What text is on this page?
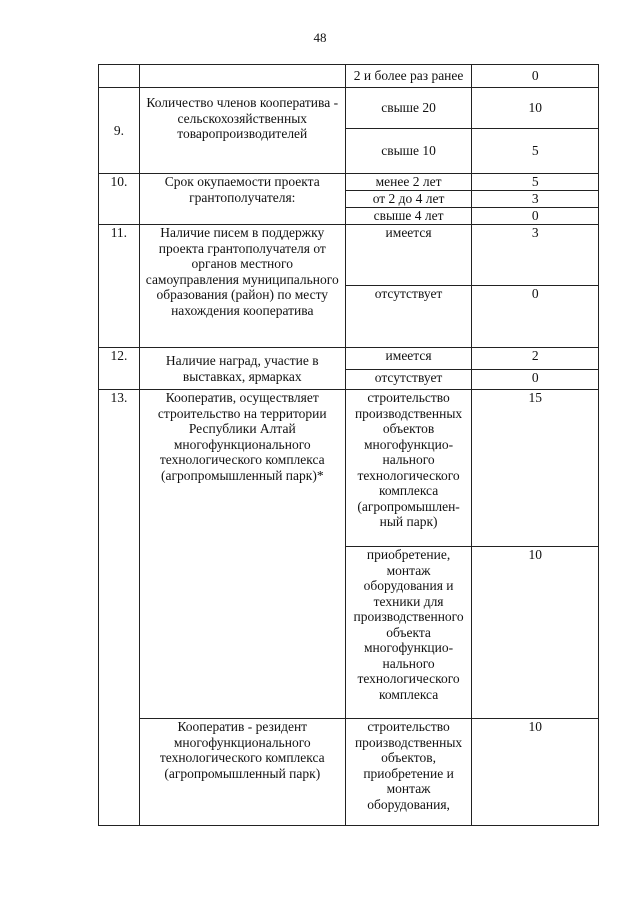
48
		2 и более раз ранее	0
9.	Количество членов кооператива - сельскохозяйственных товаропроизводителей	свыше 20	10
		свыше 10	5
10.	Срок окупаемости проекта грантополучателя:	менее 2 лет	5
		от 2 до 4 лет	3
		свыше 4 лет	0
11.	Наличие писем в поддержку проекта грантополучателя от органов местного самоуправления муниципального образования (район) по месту нахождения кооператива	имеется	3
		отсутствует	0
12.	Наличие наград, участие в выставках, ярмарках	имеется	2
		отсутствует	0
13.	Кооператив, осуществляет строительство на территории Республики Алтай многофункционального технологического комплекса (агропромышленный парк)*	строительство производственных объектов многофункцио-нального технологического комплекса (агропромышлен-ный парк)	15
		приобретение, монтаж оборудования и техники для производственного объекта многофункцио-нального технологического комплекса	10
	Кооператив - резидент многофункционального технологического комплекса (агропромышленный парк)	строительство производственных объектов, приобретение и монтаж оборудования,	10
